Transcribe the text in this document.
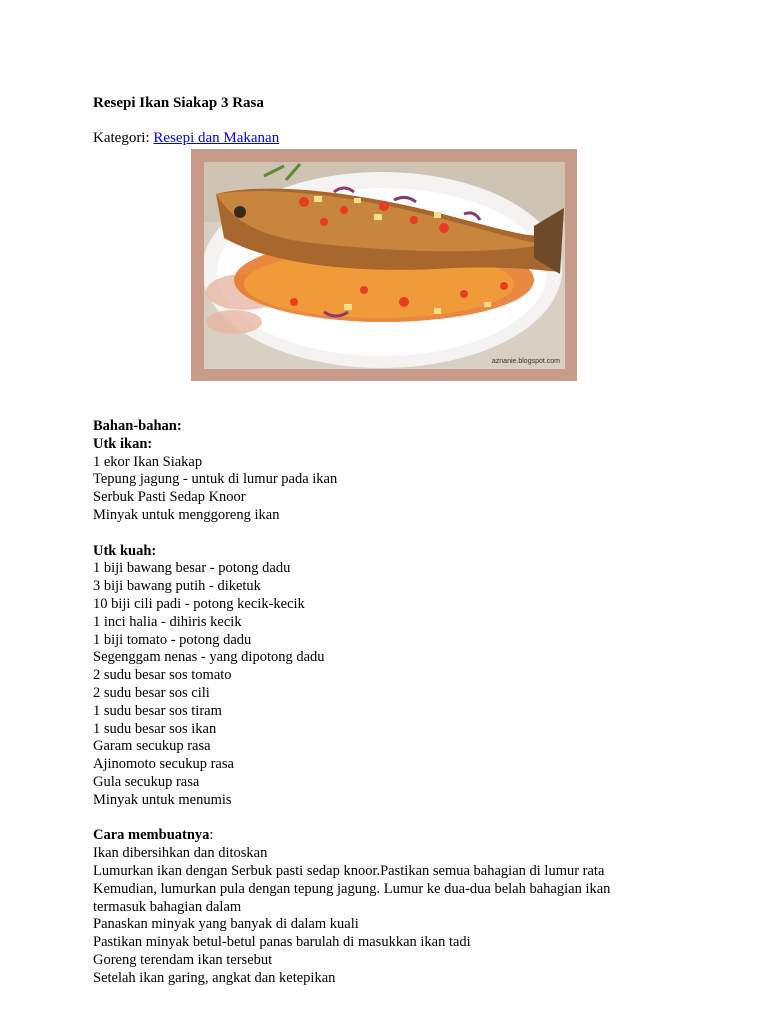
Resepi Ikan Siakap 3 Rasa
Kategori: Resepi dan Makanan
aznanie.blogspot.com
Bahan-bahan:
Utk ikan:
1 ekor Ikan Siakap
Tepung jagung - untuk di lumur pada ikan
Serbuk Pasti Sedap Knoor
Minyak untuk menggoreng ikan
Utk kuah:
1 biji bawang besar - potong dadu
3 biji bawang putih - diketuk
10 biji cili padi - potong kecik-kecik
1 inci halia - dihiris kecik
1 biji tomato - potong dadu
Segenggam nenas - yang dipotong dadu
2 sudu besar sos tomato
2 sudu besar sos cili
1 sudu besar sos tiram
1 sudu besar sos ikan
Garam secukup rasa
Ajinomoto secukup rasa
Gula secukup rasa
Minyak untuk menumis
Cara membuatnya:
Ikan dibersihkan dan ditoskan
Lumurkan ikan dengan Serbuk pasti sedap knoor.Pastikan semua bahagian di lumur rata
Kemudian, lumurkan pula dengan tepung jagung. Lumur ke dua-dua belah bahagian ikan termasuk bahagian dalam
Panaskan minyak yang banyak di dalam kuali
Pastikan minyak betul-betul panas barulah di masukkan ikan tadi
Goreng terendam ikan tersebut
Setelah ikan garing, angkat dan ketepikan
